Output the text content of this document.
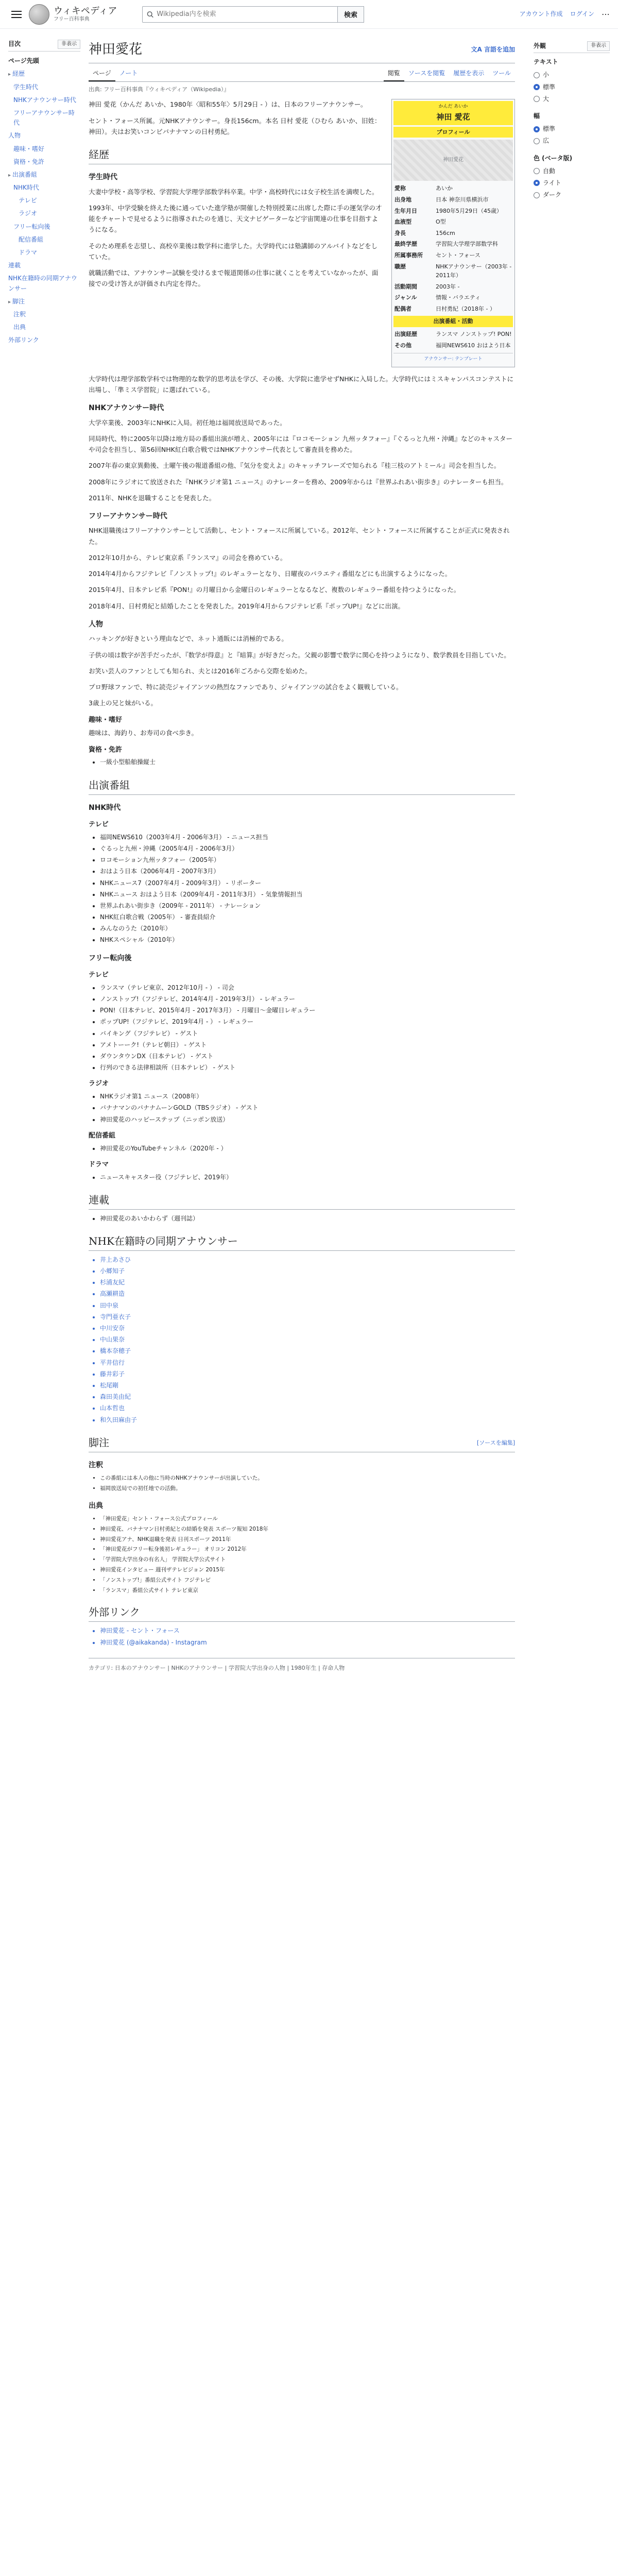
ウィキペディア
フリー百科事典
Wikipedia内を検索
検索	アカウント作成 ログイン ⋯
目次	非表示
ページ先頭
▸ 経歴
学生時代
NHKアナウンサー時代
フリーアナウンサー時代
人物
趣味・嗜好
資格・免許
▸ 出演番組
NHK時代
テレビ
ラジオ
フリー転向後
配信番組
ドラマ
連載
NHK在籍時の同期アナウンサー
▸ 脚注
注釈
出典
外部リンク
神田愛花	文A 言語を追加
ページ	ノート	閲覧	ソースを閲覧	履歴を表示	ツール
出典: フリー百科事典『ウィキペディア（Wikipedia）』
かんだ あいか
神田 愛花
プロフィール
神田愛花
愛称	あいか
出身地	日本 神奈川県横浜市
生年月日	1980年5月29日（45歳）
血液型	O型
身長	156cm
最終学歴	学習院大学理学部数学科
所属事務所	セント・フォース
職歴	NHKアナウンサー（2003年 - 2011年）
活動期間	2003年 -
ジャンル	情報・バラエティ
配偶者	日村勇紀（2018年 - ）
出演番組・活動
出演経歴	ランスマ ノンストップ! PON!
その他	福岡NEWS610 おはよう日本
アナウンサー: テンプレート

神田 愛花（かんだ あいか、1980年〈昭和55年〉5月29日 - ）は、日本のフリーアナウンサー。

セント・フォース所属。元NHKアナウンサー。身長156cm。本名 日村 愛花（ひむら あいか、旧姓：神田）。夫はお笑いコンビバナナマンの日村勇紀。

経歴
学生時代

大妻中学校・高等学校、学習院大学理学部数学科卒業。中学・高校時代には女子校生活を満喫した。

1993年、中学受験を終えた後に通っていた進学塾が開催した特別授業に出席した際に手の運気学の才能をチャートで見せるように指導されたのを通じ、天文ナビゲーターなど宇宙関連の仕事を目指すようになる。

そのため理系を志望し、高校卒業後は数学科に進学した。大学時代には塾講師のアルバイトなどをしていた。

就職活動では、アナウンサー試験を受けるまで報道関係の仕事に就くことを考えていなかったが、面接での受け答えが評価され内定を得た。

大学時代は理学部数学科では物理的な数学的思考法を学び、その後、大学院に進学せずNHKに入局した。大学時代にはミスキャンパスコンテストに出場し、「準ミス学習院」に選ばれている。

NHKアナウンサー時代

大学卒業後、2003年にNHKに入局。初任地は福岡放送局であった。

同局時代、特に2005年以降は地方局の番組出演が増え、2005年には『ロコモーション 九州ッタフォー』『ぐるっと九州・沖縄』などのキャスターや司会を担当し、第56回NHK紅白歌合戦ではNHKアナウンサー代表として審査員を務めた。

2007年春の東京異動後、土曜午後の報道番組の他、『気分を変えよ』のキャッチフレーズで知られる『桂三枝のアトミール』司会を担当した。

2008年にラジオにて放送された『NHKラジオ第1 ニュース』のナレーターを務め、2009年からは『世界ふれあい街歩き』のナレーターも担当。

2011年、NHKを退職することを発表した。

フリーアナウンサー時代

NHK退職後はフリーアナウンサーとして活動し、セント・フォースに所属している。2012年、セント・フォースに所属することが正式に発表された。

2012年10月から、テレビ東京系『ランスマ』の司会を務めている。

2014年4月からフジテレビ『ノンストップ!』のレギュラーとなり、日曜夜のバラエティ番組などにも出演するようになった。

2015年4月、日本テレビ系『PON!』の月曜日から金曜日のレギュラーとなるなど、複数のレギュラー番組を持つようになった。

2018年4月、日村勇紀と結婚したことを発表した。2019年4月からフジテレビ系『ポップUP!』などに出演。

人物

ハッキングが好きという理由などで、ネット通販には消極的である。

子供の頃は数字が苦手だったが、『数学が得意』と『暗算』が好きだった。父親の影響で数学に関心を持つようになり、数学教員を目指していた。

お笑い芸人のファンとしても知られ、夫とは2016年ごろから交際を始めた。

プロ野球ファンで、特に読売ジャイアンツの熱烈なファンであり、ジャイアンツの試合をよく観戦している。

3歳上の兄と妹がいる。

趣味・嗜好

趣味は、海釣り、お寿司の食べ歩き。

資格・免許
• 一級小型船舶操縦士
出演番組
NHK時代
テレビ
• 福岡NEWS610（2003年4月 - 2006年3月） - ニュース担当
• ぐるっと九州・沖縄（2005年4月 - 2006年3月）
• ロコモーション九州ッタフォー（2005年）
• おはよう日本（2006年4月 - 2007年3月）
• NHKニュース7（2007年4月 - 2009年3月） - リポーター
• NHKニュース おはよう日本（2009年4月 - 2011年3月） - 気象情報担当
• 世界ふれあい街歩き（2009年 - 2011年） - ナレーション
• NHK紅白歌合戦（2005年） - 審査員紹介
• みんなのうた（2010年）
• NHKスペシャル（2010年）
フリー転向後
テレビ
• ランスマ（テレビ東京、2012年10月 - ） - 司会
• ノンストップ!（フジテレビ、2014年4月 - 2019年3月） - レギュラー
• PON!（日本テレビ、2015年4月 - 2017年3月） - 月曜日〜金曜日レギュラー
• ポップUP!（フジテレビ、2019年4月 - ） - レギュラー
• バイキング（フジテレビ） - ゲスト
• アメトーーク!（テレビ朝日） - ゲスト
• ダウンタウンDX（日本テレビ） - ゲスト
• 行列のできる法律相談所（日本テレビ） - ゲスト
ラジオ
• NHKラジオ第1 ニュース（2008年）
• バナナマンのバナナムーンGOLD（TBSラジオ） - ゲスト
• 神田愛花のハッピーステップ（ニッポン放送）
配信番組
• 神田愛花のYouTubeチャンネル（2020年 - ）
ドラマ
• ニュースキャスター役（フジテレビ、2019年）
連載
• 神田愛花のあいかわらず（週刊誌）
NHK在籍時の同期アナウンサー
• 井上あさひ
• 小郷知子
• 杉浦友紀
• 高瀬耕造
• 田中泉
• 寺門亜衣子
• 中川安奈
• 中山果奈
• 橋本奈穂子
• 平井信行
• 藤井彩子
• 松尾剛
• 森田美由紀
• 山本哲也
• 和久田麻由子
脚注	[ソースを編集]
注釈
• この番組には本人の他に当時のNHKアナウンサーが出演していた。
• 福岡放送局での初任地での活動。
出典
• 「神田愛花」セント・フォース公式プロフィール
• 神田愛花、バナナマン日村勇紀との結婚を発表 スポーツ報知 2018年
• 神田愛花アナ、NHK退職を発表 日刊スポーツ 2011年
• 「神田愛花がフリー転身後初レギュラー」 オリコン 2012年
• 「学習院大学出身の有名人」 学習院大学公式サイト
• 神田愛花インタビュー 週刊ザテレビジョン 2015年
• 「ノンストップ!」番組公式サイト フジテレビ
• 「ランスマ」番組公式サイト テレビ東京
外部リンク
• 神田愛花 - セント・フォース
• 神田愛花 (@aikakanda) - Instagram
カテゴリ: 日本のアナウンサー | NHKのアナウンサー | 学習院大学出身の人物 | 1980年生 | 存命人物
外観	非表示
テキスト
小
標準
大
幅
標準
広
色 (ベータ版)
自動
ライト
ダーク
